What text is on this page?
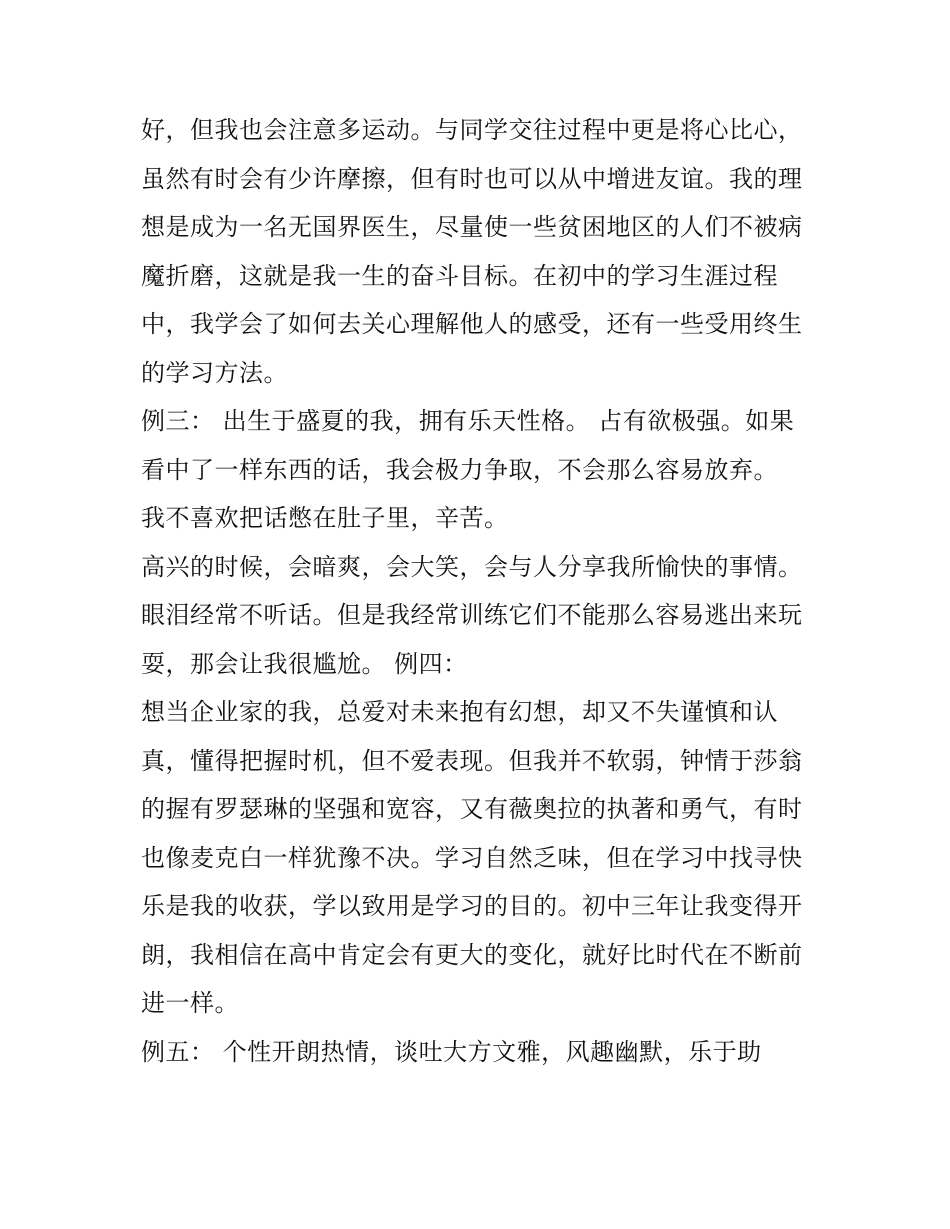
好，但我也会注意多运动。与同学交往过程中更是将心比心，
虽然有时会有少许摩擦，但有时也可以从中增进友谊。我的理
想是成为一名无国界医生，尽量使一些贫困地区的人们不被病
魔折磨，这就是我一生的奋斗目标。在初中的学习生涯过程
中，我学会了如何去关心理解他人的感受，还有一些受用终生
的学习方法。
例三： 出生于盛夏的我，拥有乐天性格。 占有欲极强。如果
看中了一样东西的话，我会极力争取，不会那么容易放弃。
我不喜欢把话憋在肚子里，辛苦。
高兴的时候，会暗爽，会大笑，会与人分享我所愉快的事情。
眼泪经常不听话。但是我经常训练它们不能那么容易逃出来玩
耍，那会让我很尴尬。 例四：
想当企业家的我，总爱对未来抱有幻想，却又不失谨慎和认
真，懂得把握时机，但不爱表现。但我并不软弱，钟情于莎翁
的握有罗瑟琳的坚强和宽容，又有薇奥拉的执著和勇气，有时
也像麦克白一样犹豫不决。学习自然乏味，但在学习中找寻快
乐是我的收获，学以致用是学习的目的。初中三年让我变得开
朗，我相信在高中肯定会有更大的变化，就好比时代在不断前
进一样。
例五： 个性开朗热情，谈吐大方文雅，风趣幽默，乐于助
